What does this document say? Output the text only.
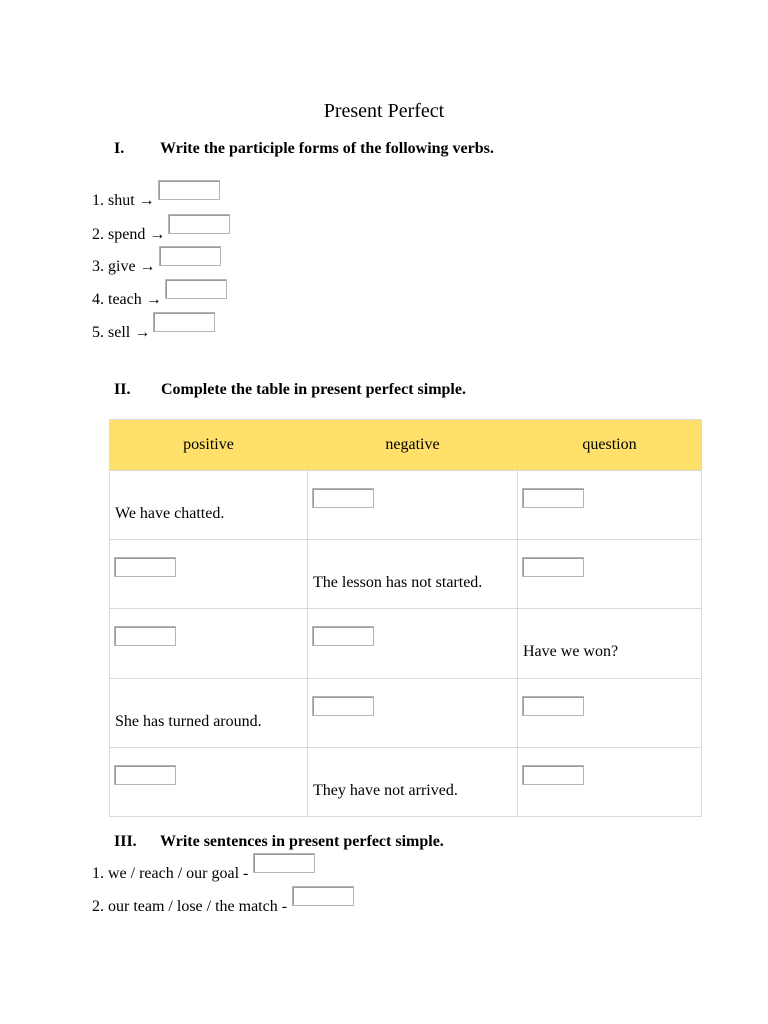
Present Perfect
I. Write the participle forms of the following verbs.
1. shut →
2. spend →
3. give →
4. teach →
5. sell →
II. Complete the table in present perfect simple.
positive	negative	question

We have chatted.		

	The lesson has not started.	

		Have we won?

She has turned around.		

	They have not arrived.	

III. Write sentences in present perfect simple.
1. we / reach / our goal -
2. our team / lose / the match -
